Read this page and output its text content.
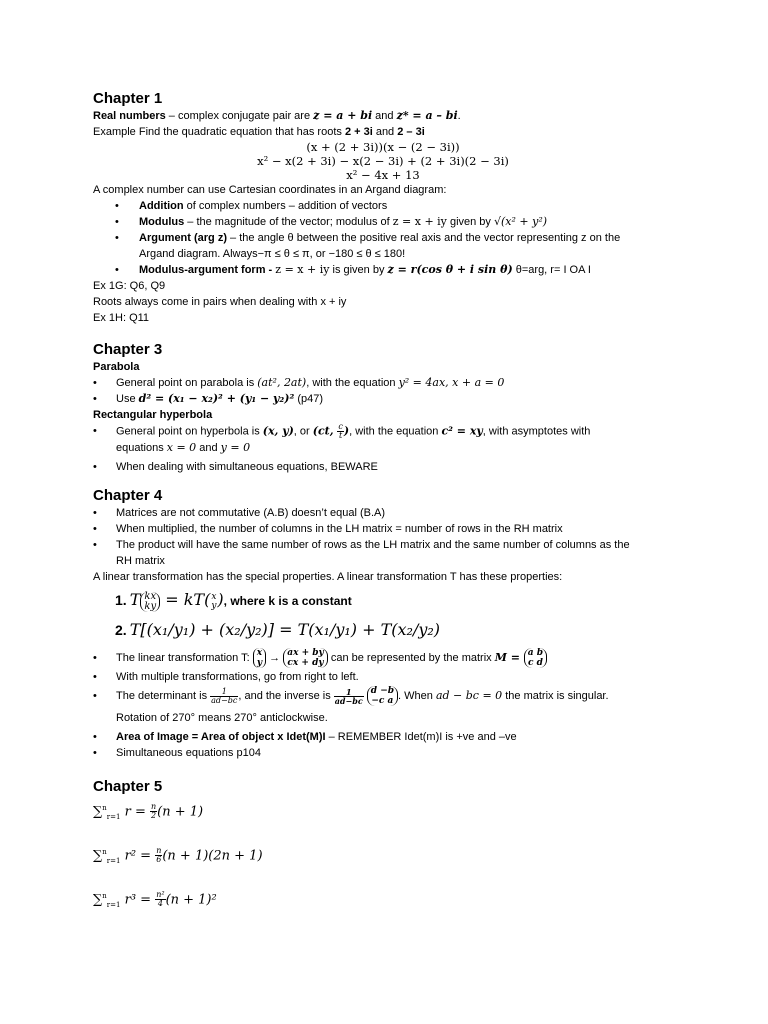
Chapter 1
Real numbers – complex conjugate pair are z = a + bi and z* = a – bi.
Example Find the quadratic equation that has roots 2 + 3i and 2 – 3i
(x + (2 + 3i))(x − (2 − 3i))
x² − x(2 + 3i) − x(2 − 3i) + (2 + 3i)(2 − 3i)
x² − 4x + 13
A complex number can use Cartesian coordinates in an Argand diagram:
• Addition of complex numbers – addition of vectors
• Modulus – the magnitude of the vector; modulus of z = x + iy given by √(x² + y²)
• Argument (arg z) – the angle θ between the positive real axis and the vector representing z on the
Argand diagram. Always−π ≤ θ ≤ π, or −180 ≤ θ ≤ 180!
• Modulus-argument form - z = x + iy is given by z = r(cos θ + i sin θ) θ=arg, r= I OA I
Ex 1G: Q6, Q9
Roots always come in pairs when dealing with x + iy
Ex 1H: Q11
Chapter 3
Parabola
• General point on parabola is (at², 2at), with the equation y² = 4ax, x + a = 0
• Use d² = (x₁ − x₂)² + (y₁ − y₂)² (p47)
Rectangular hyperbola
• General point on hyperbola is (x, y), or (ct, $\frac{c}{t}$ ), with the equation c² = xy, with asymptotes with
equations x = 0 and y = 0
• When dealing with simultaneous equations, BEWARE
Chapter 4
• Matrices are not commutative (A.B) doesn’t equal (B.A)
• When multiplied, the number of columns in the LH matrix = number of rows in the RH matrix
• The product will have the same number of rows as the LH matrix and the same number of columns as the
RH matrix
A linear transformation has the special properties. A linear transformation T has these properties:
1. T kx
ky = kT( x
y ), where k is a constant
2. T[(x₁/y₁) + (x₂/y₂)] = T(x₁/y₁) + T(x₂/y₂)
• The linear transformation T: x
y → ax + by
cx + dy can be represented by the matrix M = a b
c d
• With multiple transformations, go from right to left.
• The determinant is $\frac{1}{ad-bc}$ , and the inverse is $\frac{1}{ad-bc}$ d −b
−c a . When ad − bc = 0 the matrix is singular.
Rotation of 270° means 270° anticlockwise.
• Area of Image = Area of object x Idet(M)I – REMEMBER Idet(m)I is +ve and –ve
• Simultaneous equations p104
Chapter 5
∑$^n_{r=1}$ $r = \frac{n}{2} (n + 1)$
∑$^n_{r=1}$ $r^2 = \frac{n}{6} (n + 1)(2n + 1)$
∑$^n_{r=1}$ $r^3 = \frac{\text{n²}}{4} (n + 1)^2$
